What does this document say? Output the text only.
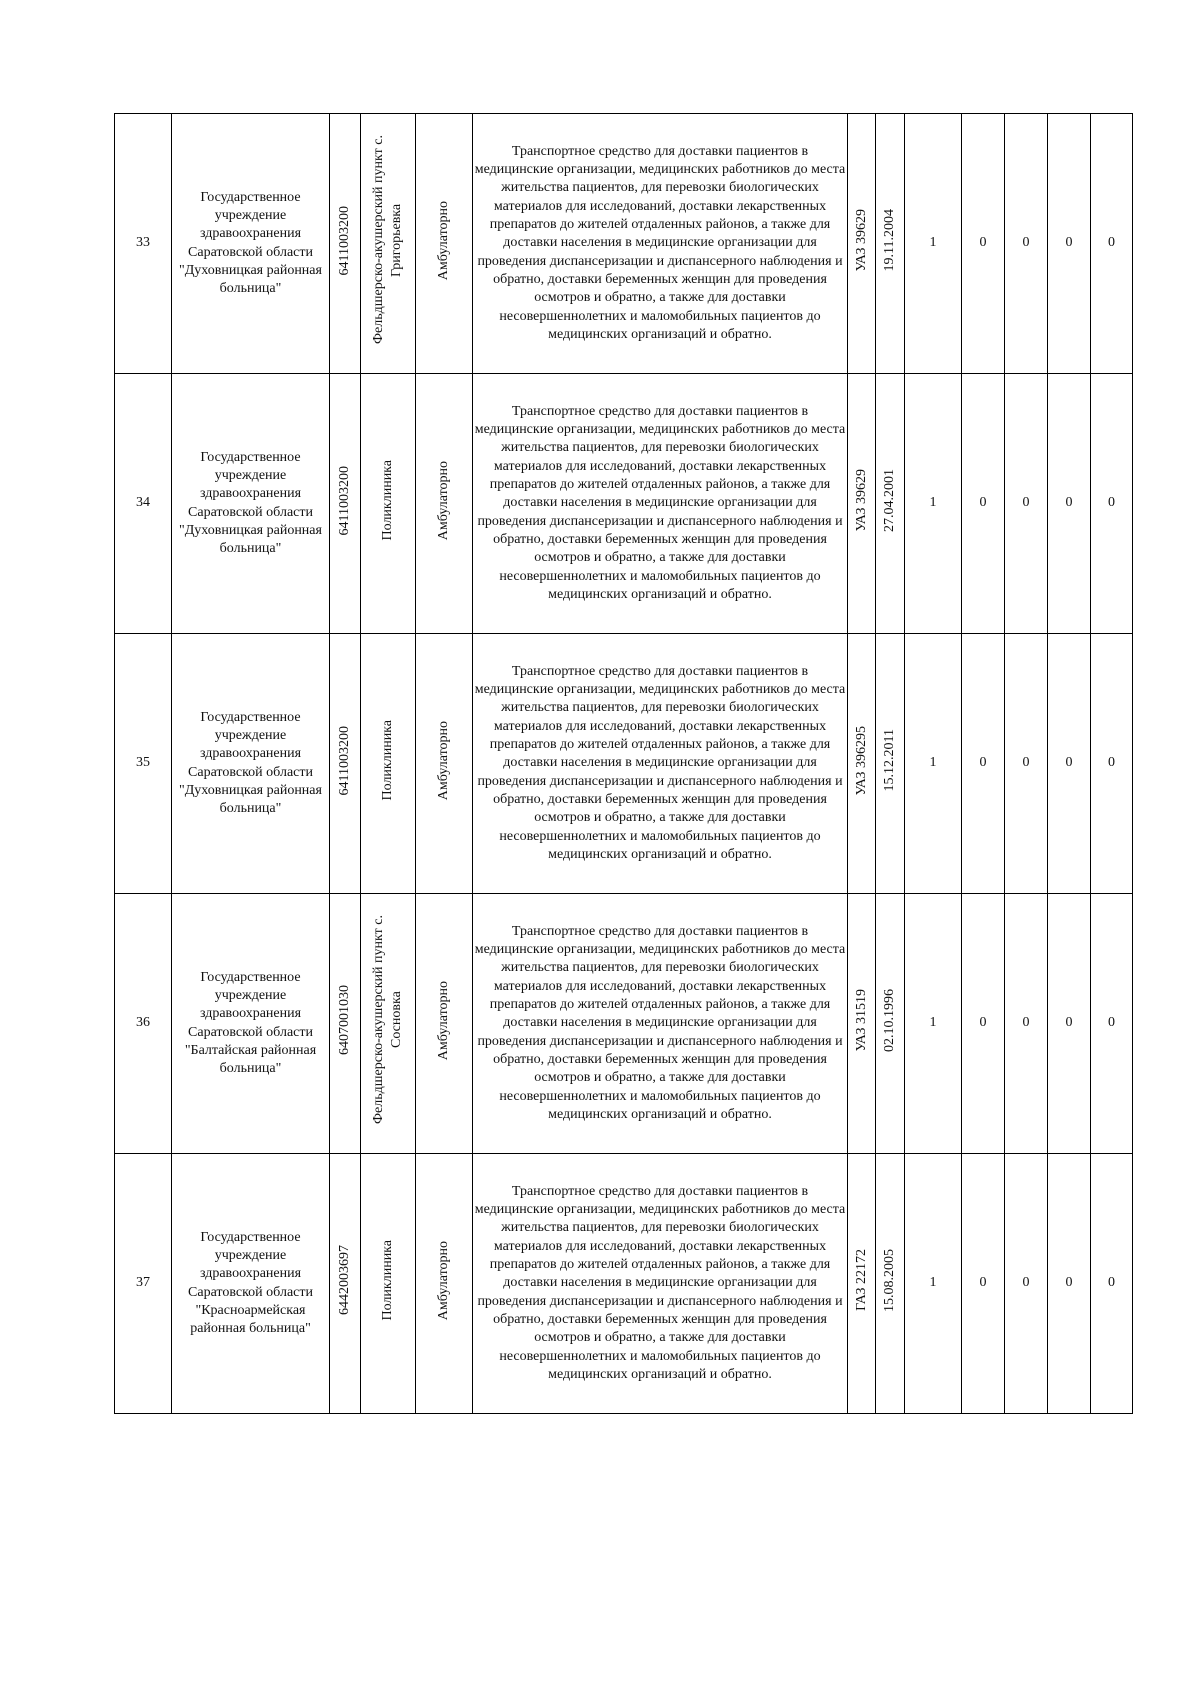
33	Государственное учреждение здравоохранения Саратовской области "Духовницкая районная больница"	6411003200	Фельдшерско-акушерский пункт с. Григорьевка	Амбулаторно	Транспортное средство для доставки пациентов в медицинские организации, медицинских работников до места жительства пациентов, для перевозки биологических материалов для исследований, доставки лекарственных препаратов до жителей отдаленных районов, а также для доставки населения в медицинские организации для проведения диспансеризации и диспансерного наблюдения и обратно, доставки беременных женщин для проведения осмотров и обратно, а также для доставки несовершеннолетних и маломобильных пациентов до медицинских организаций и обратно.	УАЗ 39629	19.11.2004	1	0	0	0	0
34	Государственное учреждение здравоохранения Саратовской области "Духовницкая районная больница"	6411003200	Поликлиника	Амбулаторно	Транспортное средство для доставки пациентов в медицинские организации, медицинских работников до места жительства пациентов, для перевозки биологических материалов для исследований, доставки лекарственных препаратов до жителей отдаленных районов, а также для доставки населения в медицинские организации для проведения диспансеризации и диспансерного наблюдения и обратно, доставки беременных женщин для проведения осмотров и обратно, а также для доставки несовершеннолетних и маломобильных пациентов до медицинских организаций и обратно.	УАЗ 39629	27.04.2001	1	0	0	0	0
35	Государственное учреждение здравоохранения Саратовской области "Духовницкая районная больница"	6411003200	Поликлиника	Амбулаторно	Транспортное средство для доставки пациентов в медицинские организации, медицинских работников до места жительства пациентов, для перевозки биологических материалов для исследований, доставки лекарственных препаратов до жителей отдаленных районов, а также для доставки населения в медицинские организации для проведения диспансеризации и диспансерного наблюдения и обратно, доставки беременных женщин для проведения осмотров и обратно, а также для доставки несовершеннолетних и маломобильных пациентов до медицинских организаций и обратно.	УАЗ 396295	15.12.2011	1	0	0	0	0
36	Государственное учреждение здравоохранения Саратовской области "Балтайская районная больница"	6407001030	Фельдшерско-акушерский пункт с. Сосновка	Амбулаторно	Транспортное средство для доставки пациентов в медицинские организации, медицинских работников до места жительства пациентов, для перевозки биологических материалов для исследований, доставки лекарственных препаратов до жителей отдаленных районов, а также для доставки населения в медицинские организации для проведения диспансеризации и диспансерного наблюдения и обратно, доставки беременных женщин для проведения осмотров и обратно, а также для доставки несовершеннолетних и маломобильных пациентов до медицинских организаций и обратно.	УАЗ 31519	02.10.1996	1	0	0	0	0
37	Государственное учреждение здравоохранения Саратовской области "Красноармейская районная больница"	6442003697	Поликлиника	Амбулаторно	Транспортное средство для доставки пациентов в медицинские организации, медицинских работников до места жительства пациентов, для перевозки биологических материалов для исследований, доставки лекарственных препаратов до жителей отдаленных районов, а также для доставки населения в медицинские организации для проведения диспансеризации и диспансерного наблюдения и обратно, доставки беременных женщин для проведения осмотров и обратно, а также для доставки несовершеннолетних и маломобильных пациентов до медицинских организаций и обратно.	ГАЗ 22172	15.08.2005	1	0	0	0	0
